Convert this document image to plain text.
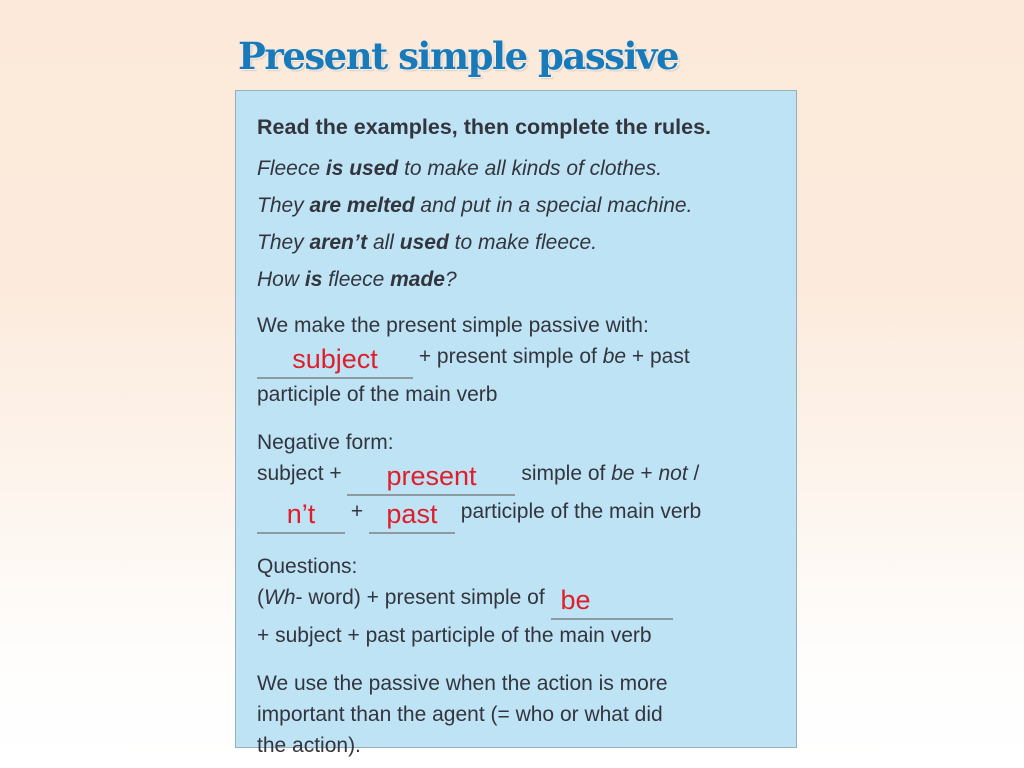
Present simple passive

Read the examples, then complete the rules.

Fleece is used to make all kinds of clothes.

They are melted and put in a special machine.

They aren’t all used to make fleece.

How is fleece made?

We make the present simple passive with:
subject + present simple of be + past
participle of the main verb

Negative form:
subject + present simple of be + not /
n’t + past participle of the main verb

Questions:
(Wh- word) + present simple of be
+ subject + past participle of the main verb

We use the passive when the action is more
important than the agent (= who or what did
the action).
